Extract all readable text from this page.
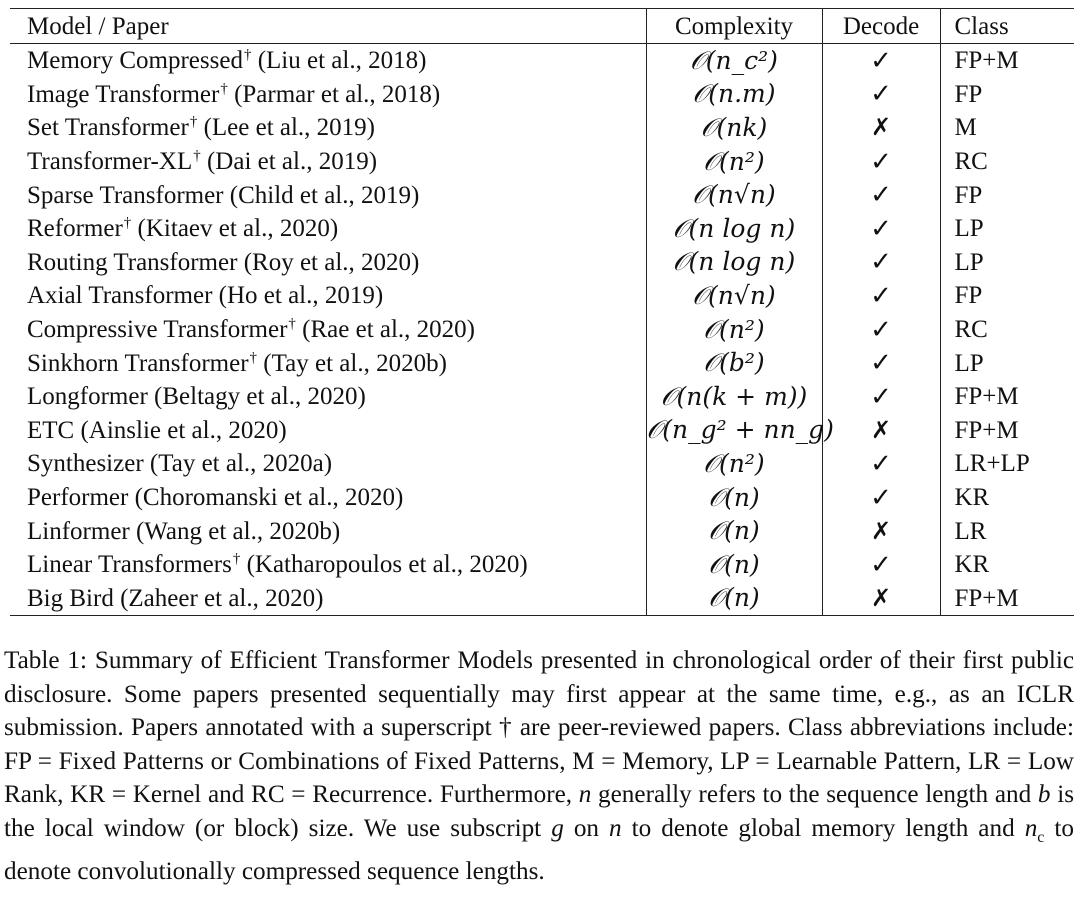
Model / Paper	Complexity	Decode	Class
Memory Compressed† (Liu et al., 2018)	𝒪(n_c²)	✓	FP+M
Image Transformer† (Parmar et al., 2018)	𝒪(n.m)	✓	FP
Set Transformer† (Lee et al., 2019)	𝒪(nk)	✗	M
Transformer-XL† (Dai et al., 2019)	𝒪(n²)	✓	RC
Sparse Transformer (Child et al., 2019)	𝒪(n√n)	✓	FP
Reformer† (Kitaev et al., 2020)	𝒪(n log n)	✓	LP
Routing Transformer (Roy et al., 2020)	𝒪(n log n)	✓	LP
Axial Transformer (Ho et al., 2019)	𝒪(n√n)	✓	FP
Compressive Transformer† (Rae et al., 2020)	𝒪(n²)	✓	RC
Sinkhorn Transformer† (Tay et al., 2020b)	𝒪(b²)	✓	LP
Longformer (Beltagy et al., 2020)	𝒪(n(k + m))	✓	FP+M
ETC (Ainslie et al., 2020)	𝒪(n_g² + nn_g)	✗	FP+M
Synthesizer (Tay et al., 2020a)	𝒪(n²)	✓	LR+LP
Performer (Choromanski et al., 2020)	𝒪(n)	✓	KR
Linformer (Wang et al., 2020b)	𝒪(n)	✗	LR
Linear Transformers† (Katharopoulos et al., 2020)	𝒪(n)	✓	KR
Big Bird (Zaheer et al., 2020)	𝒪(n)	✗	FP+M
Table 1: Summary of Efficient Transformer Models presented in chronological order of their first public disclosure. Some papers presented sequentially may first appear at the same time, e.g., as an ICLR submission. Papers annotated with a superscript † are peer-reviewed papers. Class abbreviations include: FP = Fixed Patterns or Combinations of Fixed Patterns, M = Memory, LP = Learnable Pattern, LR = Low Rank, KR = Kernel and RC = Recurrence. Furthermore, n generally refers to the sequence length and b is the local window (or block) size. We use subscript g on n to denote global memory length and $n_c$ to denote convolutionally compressed sequence lengths.
